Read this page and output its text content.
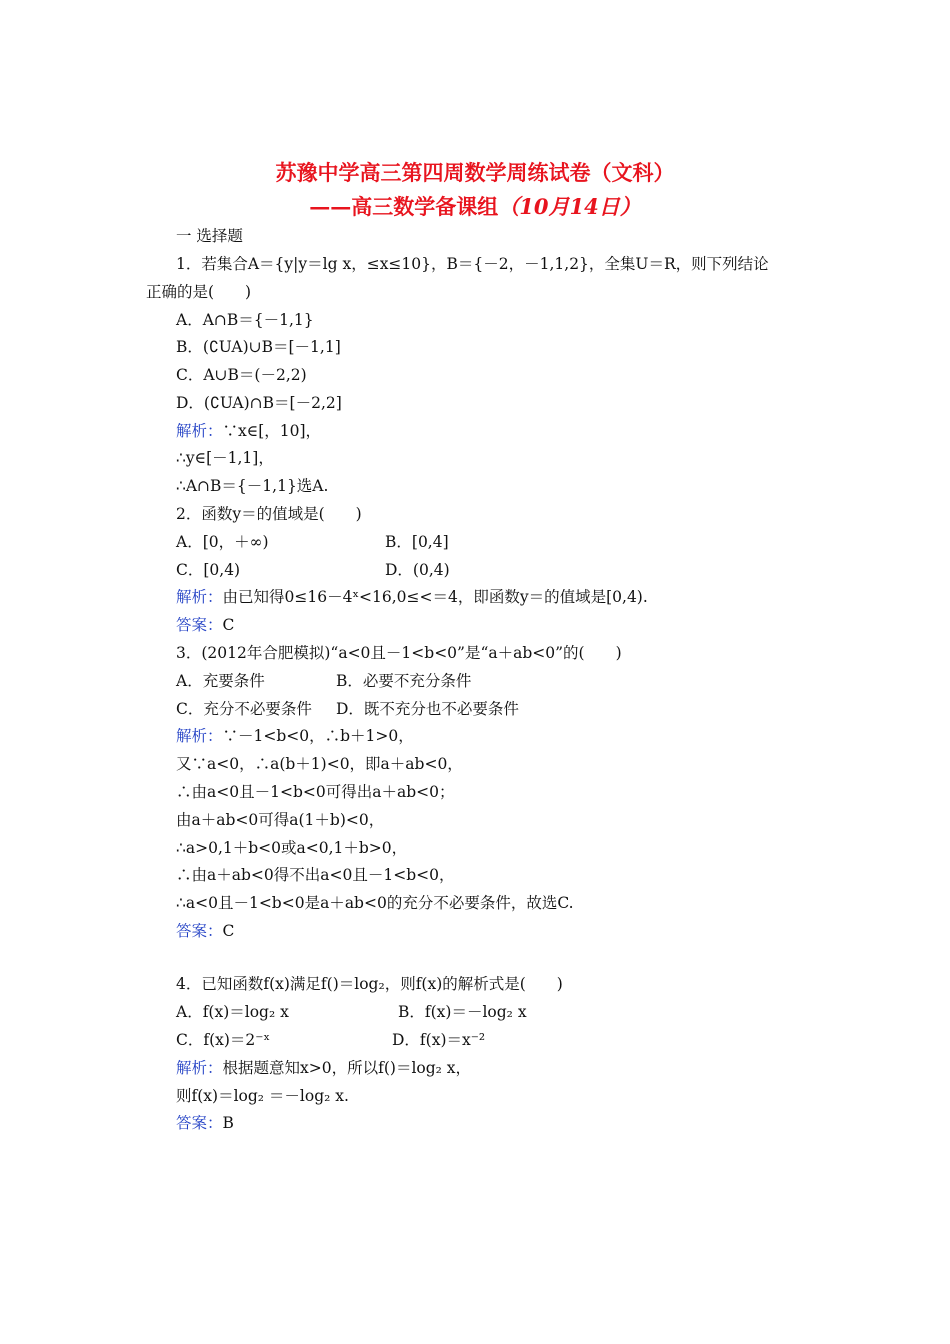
苏豫中学高三第四周数学周练试卷（文科）
——高三数学备课组（10月14日）
一 选择题
1．若集合A＝{y|y＝lg x，≤x≤10}，B＝{－2，－1,1,2}，全集U＝R，则下列结论
正确的是(　　)
A．A∩B＝{－1,1}
B．(∁UA)∪B＝[－1,1]
C．A∪B＝(－2,2)
D．(∁UA)∩B＝[－2,2]
解析：∵x∈[，10]，
∴y∈[－1,1]，
∴A∩B＝{－1,1}选A.
2．函数y＝的值域是(　　)
A．[0，＋∞)	B．[0,4]
C．[0,4)	D．(0,4)
解析：由已知得0≤16－4ˣ<16,0≤<＝4，即函数y＝的值域是[0,4).
答案：C
3．(2012年合肥模拟)“a<0且－1<b<0”是“a＋ab<0”的(　　)
A．充要条件	B．必要不充分条件
C．充分不必要条件 D．既不充分也不必要条件
解析：∵－1<b<0，∴b＋1>0，
又∵a<0，∴a(b＋1)<0，即a＋ab<0，
∴由a<0且－1<b<0可得出a＋ab<0；
由a＋ab<0可得a(1＋b)<0，
∴a>0,1＋b<0或a<0,1＋b>0，
∴由a＋ab<0得不出a<0且－1<b<0，
∴a<0且－1<b<0是a＋ab<0的充分不必要条件，故选C.
答案：C
4．已知函数f(x)满足f()＝log₂，则f(x)的解析式是(　　)
A．f(x)＝log₂ x	B．f(x)＝－log₂ x
C．f(x)＝2⁻ˣ	D．f(x)＝x⁻²
解析：根据题意知x>0，所以f()＝log₂ x，
则f(x)＝log₂ ＝－log₂ x.
答案：B
